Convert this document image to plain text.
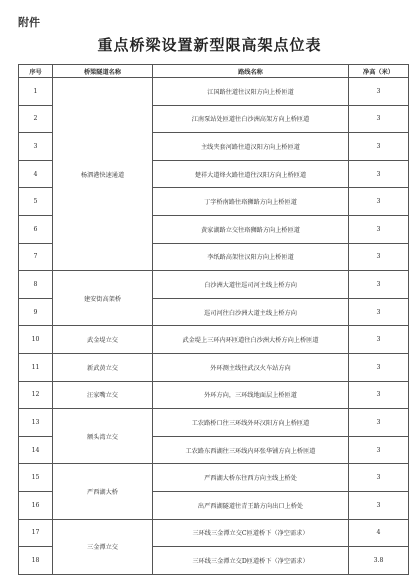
附件
重点桥梁设置新型限高架点位表
序号	桥梁隧道名称	路线名称	净高（米）
1	杨泗港快速通道	江国路往道往汉阳方向上桥匝道	3
2		江南泵站处匝道往白沙洲高架方向上桥匝道	3
3		主线夹套河路往道汉阳方向上桥匝道	3
4		楚祥大道烽火路往道往汉阳方向上桥匝道	3
5		丁字桥南路往珞狮路方向上桥匝道	3
6		黄家湖路立交往珞狮路方向上桥匝道	3
7		李纸路高架往汉阳方向上桥匝道	3
8	建安街高架桥	白沙洲大道往巡司河主线上桥方向	3
9		巡司河往白沙洲大道主线上桥方向	3
10	武金堤立交	武金堤上三环内环匝道往白沙洲大桥方向上桥匝道	3
11	新武黄立交	外环测主线往武汉火车站方向	3
12	汪家嘴立交	外环方向，三环线地面层上桥匝道	3
13	额头湾立交	工农路桥口往三环线外环汉阳方向上桥匝道	3
14		工农路东西湖往三环线内环张华铺方向上桥匝道	3
15	严西湖大桥	严西湖大桥东往西方向主线上桥处	3
16		出严西湖隧道往青王路方向出口上桥处	3
17	三金潭立交	三环线三金潭立交C匝道桥下（净空需求）	4
18		三环线三金潭立交D匝道桥下（净空需求）	3.8
